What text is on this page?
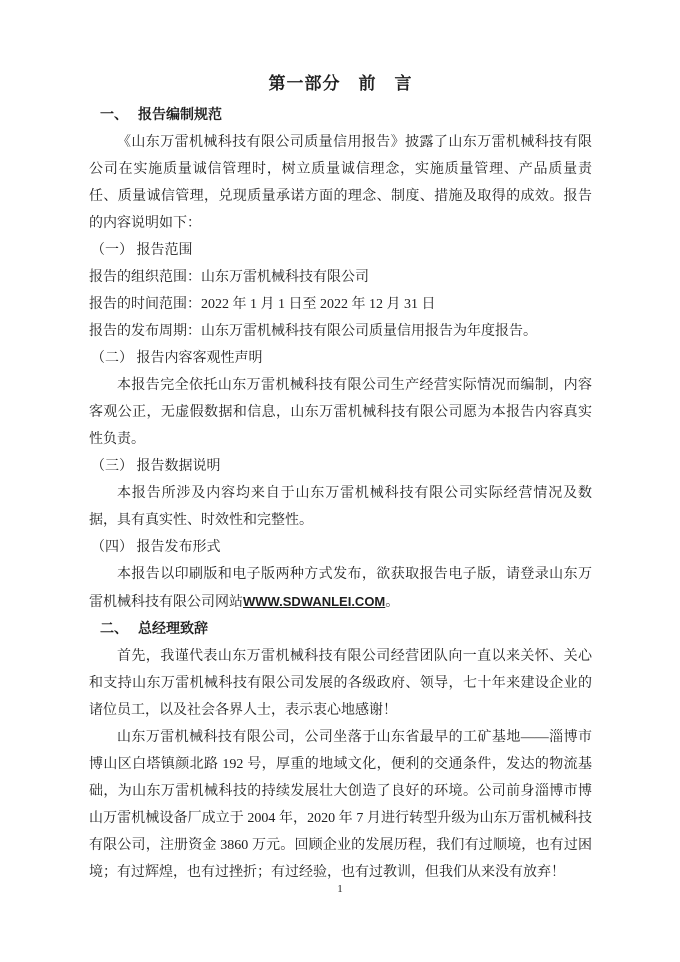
第一部分　前　言
一、 报告编制规范

《山东万雷机械科技有限公司质量信用报告》披露了山东万雷机械科技有限公司在实施质量诚信管理时，树立质量诚信理念，实施质量管理、产品质量责任、质量诚信管理，兑现质量承诺方面的理念、制度、措施及取得的成效。报告的内容说明如下：

（一） 报告范围

报告的组织范围：山东万雷机械科技有限公司

报告的时间范围：2022 年 1 月 1 日至 2022 年 12 月 31 日

报告的发布周期：山东万雷机械科技有限公司质量信用报告为年度报告。

（二） 报告内容客观性声明

本报告完全依托山东万雷机械科技有限公司生产经营实际情况而编制，内容客观公正，无虚假数据和信息，山东万雷机械科技有限公司愿为本报告内容真实性负责。

（三） 报告数据说明

本报告所涉及内容均来自于山东万雷机械科技有限公司实际经营情况及数据，具有真实性、时效性和完整性。

（四） 报告发布形式

本报告以印刷版和电子版两种方式发布，欲获取报告电子版，请登录山东万雷机械科技有限公司网站WWW.SDWANLEI.COM。

二、 总经理致辞

首先，我谨代表山东万雷机械科技有限公司经营团队向一直以来关怀、关心和支持山东万雷机械科技有限公司发展的各级政府、领导，七十年来建设企业的诸位员工，以及社会各界人士，表示衷心地感谢！

山东万雷机械科技有限公司，公司坐落于山东省最早的工矿基地——淄博市博山区白塔镇颜北路 192 号，厚重的地域文化，便利的交通条件，发达的物流基础，为山东万雷机械科技的持续发展壮大创造了良好的环境。公司前身淄博市博山万雷机械设备厂成立于 2004 年，2020 年 7 月进行转型升级为山东万雷机械科技有限公司，注册资金 3860 万元。回顾企业的发展历程，我们有过顺境，也有过困境；有过辉煌，也有过挫折；有过经验，也有过教训，但我们从来没有放弃！

1
